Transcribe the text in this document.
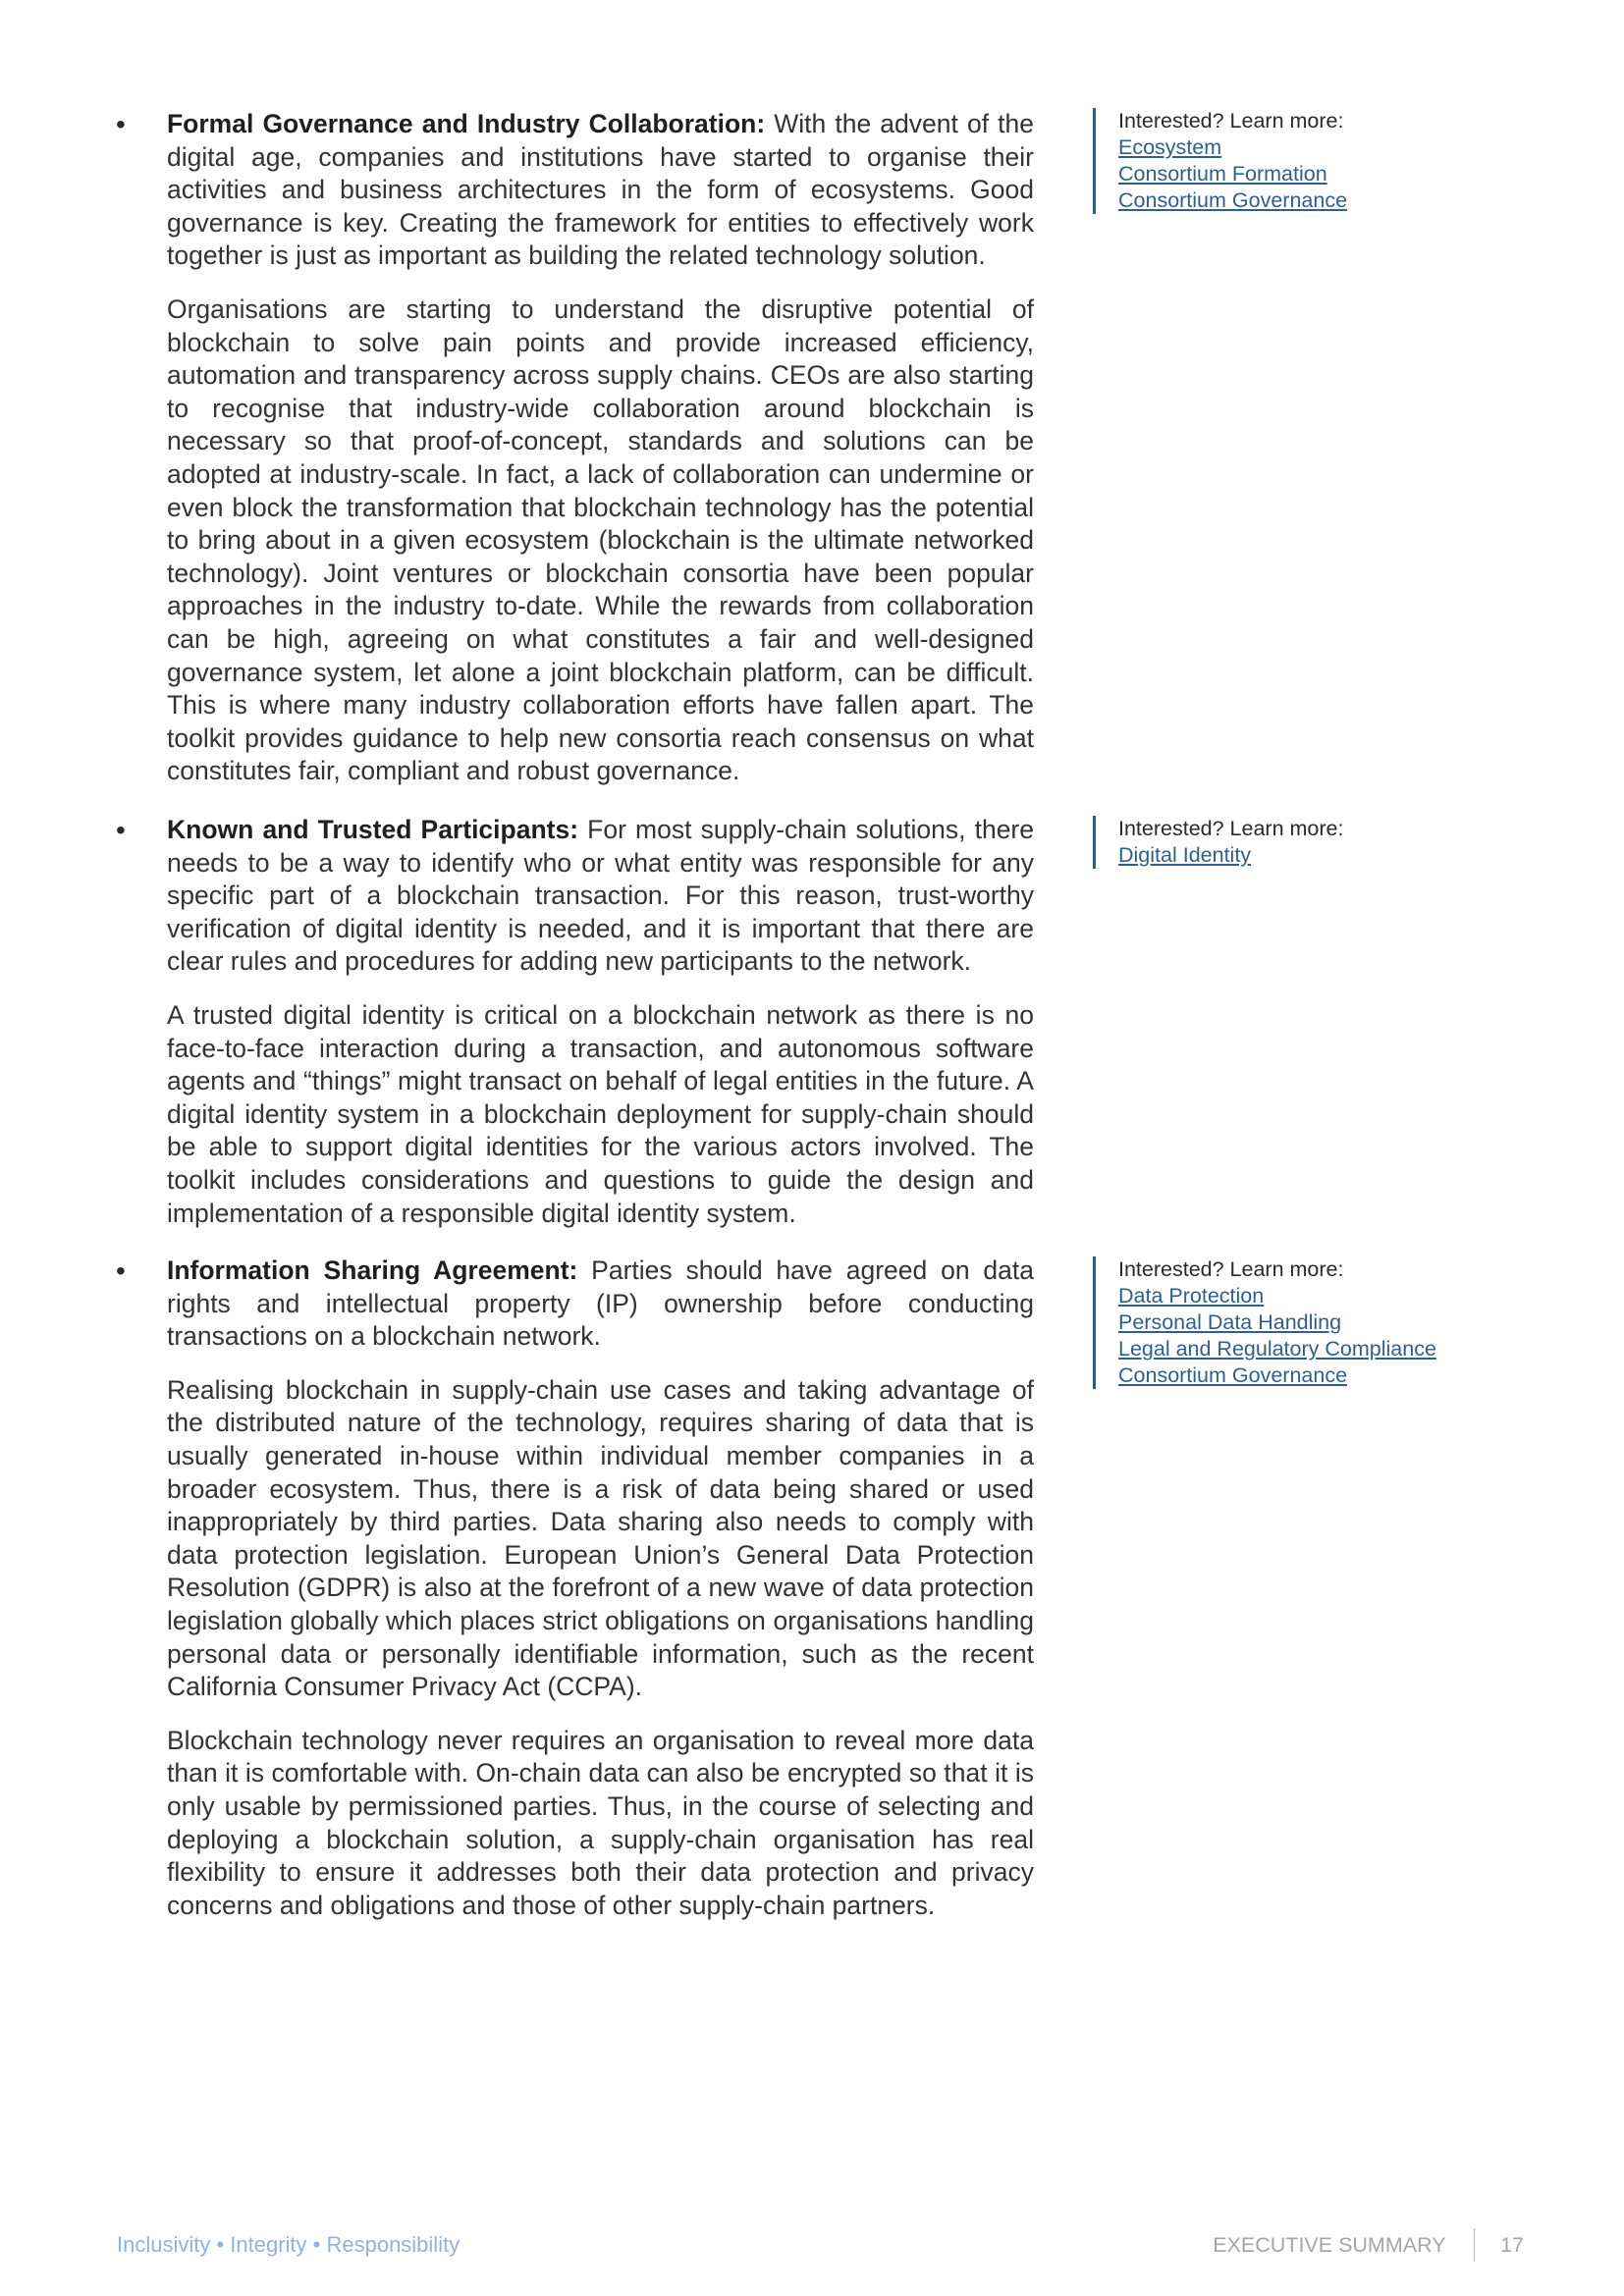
• Formal Governance and Industry Collaboration: With the advent of the digital age, companies and institutions have started to organise their activities and business architectures in the form of ecosystems. Good governance is key. Creating the framework for entities to effectively work together is just as important as building the related technology solution.

Organisations are starting to understand the disruptive potential of blockchain to solve pain points and provide increased efficiency, automation and transparency across supply chains. CEOs are also starting to recognise that industry-wide collaboration around blockchain is necessary so that proof-of-concept, standards and solutions can be adopted at industry-scale. In fact, a lack of collaboration can undermine or even block the transformation that blockchain technology has the potential to bring about in a given ecosystem (blockchain is the ultimate networked technology). Joint ventures or blockchain consortia have been popular approaches in the industry to-date. While the rewards from collaboration can be high, agreeing on what constitutes a fair and well-designed governance system, let alone a joint blockchain platform, can be difficult. This is where many industry collaboration efforts have fallen apart. The toolkit provides guidance to help new consortia reach consensus on what constitutes fair, compliant and robust governance.

Interested? Learn more:
Ecosystem
Consortium Formation
Consortium Governance
• Known and Trusted Participants: For most supply-chain solutions, there needs to be a way to identify who or what entity was responsible for any specific part of a blockchain transaction. For this reason, trust-worthy verification of digital identity is needed, and it is important that there are clear rules and procedures for adding new participants to the network.

A trusted digital identity is critical on a blockchain network as there is no face-to-face interaction during a transaction, and autonomous software agents and “things” might transact on behalf of legal entities in the future. A digital identity system in a blockchain deployment for supply-chain should be able to support digital identities for the various actors involved. The toolkit includes considerations and questions to guide the design and implementation of a responsible digital identity system.

Interested? Learn more:
Digital Identity
• Information Sharing Agreement: Parties should have agreed on data rights and intellectual property (IP) ownership before conducting transactions on a blockchain network.

Realising blockchain in supply-chain use cases and taking advantage of the distributed nature of the technology, requires sharing of data that is usually generated in-house within individual member companies in a broader ecosystem. Thus, there is a risk of data being shared or used inappropriately by third parties. Data sharing also needs to comply with data protection legislation. European Union’s General Data Protection Resolution (GDPR) is also at the forefront of a new wave of data protection legislation globally which places strict obligations on organisations handling personal data or personally identifiable information, such as the recent California Consumer Privacy Act (CCPA).

Blockchain technology never requires an organisation to reveal more data than it is comfortable with. On-chain data can also be encrypted so that it is only usable by permissioned parties. Thus, in the course of selecting and deploying a blockchain solution, a supply-chain organisation has real flexibility to ensure it addresses both their data protection and privacy concerns and obligations and those of other supply-chain partners.

Interested? Learn more:
Data Protection
Personal Data Handling
Legal and Regulatory Compliance
Consortium Governance
Inclusivity • Integrity • Responsibility	EXECUTIVE SUMMARY	17
